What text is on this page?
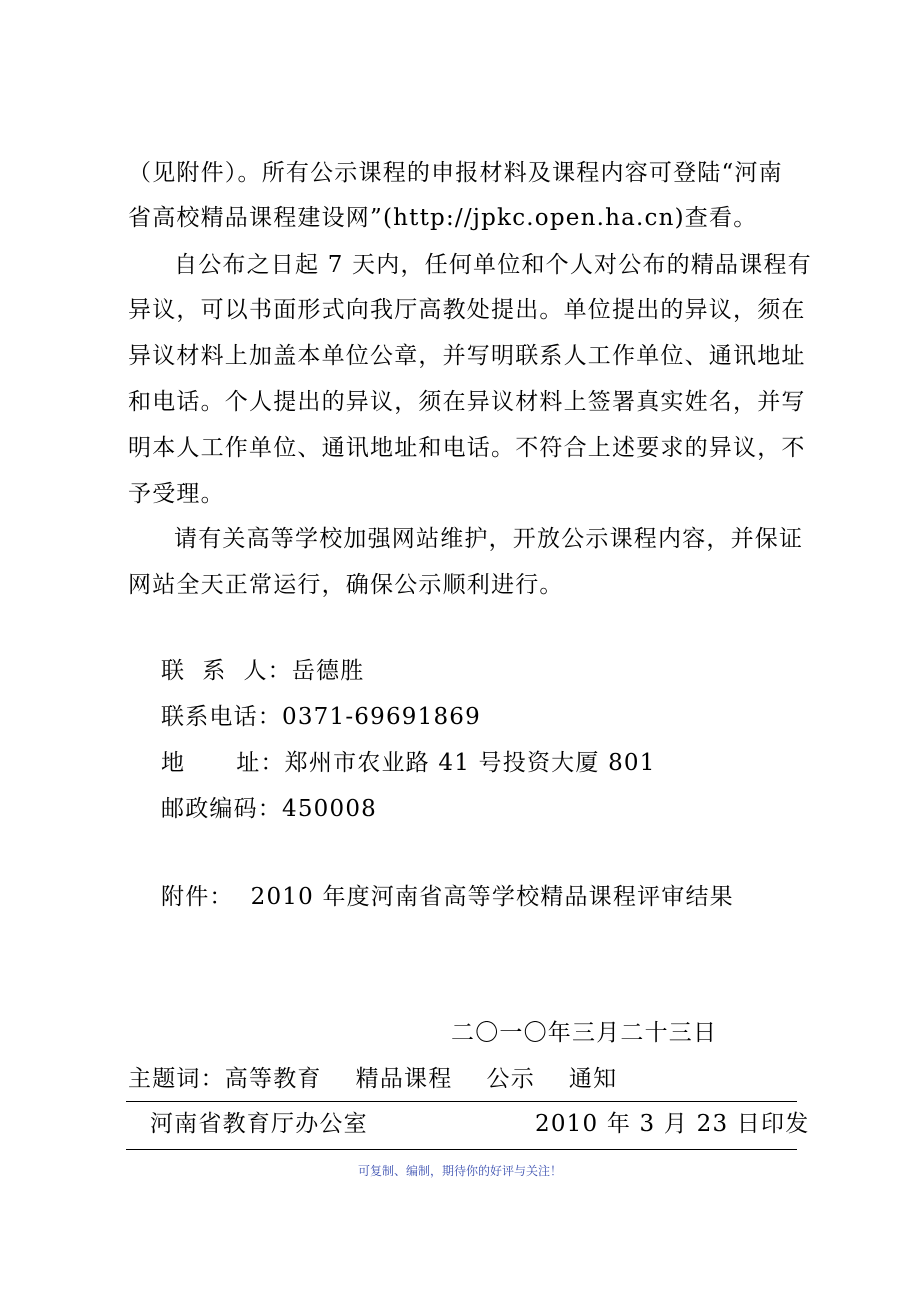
（见附件）。所有公示课程的申报材料及课程内容可登陆“河南
省高校精品课程建设网”(http://jpkc.open.ha.cn)查看。
自公布之日起 7 天内，任何单位和个人对公布的精品课程有
异议，可以书面形式向我厅高教处提出。单位提出的异议，须在
异议材料上加盖本单位公章，并写明联系人工作单位、通讯地址
和电话。个人提出的异议，须在异议材料上签署真实姓名，并写
明本人工作单位、通讯地址和电话。不符合上述要求的异议，不
予受理。
请有关高等学校加强网站维护，开放公示课程内容，并保证
网站全天正常运行，确保公示顺利进行。
联  系  人：岳德胜
联系电话：0371-69691869
地      址：郑州市农业路 41 号投资大厦 801
邮政编码：450008
附件：  2010 年度河南省高等学校精品课程评审结果
二〇一〇年三月二十三日
主题词：高等教育    精品课程    公示    通知
河南省教育厅办公室	2010 年 3 月 23 日印发
可复制、编制，期待你的好评与关注！
